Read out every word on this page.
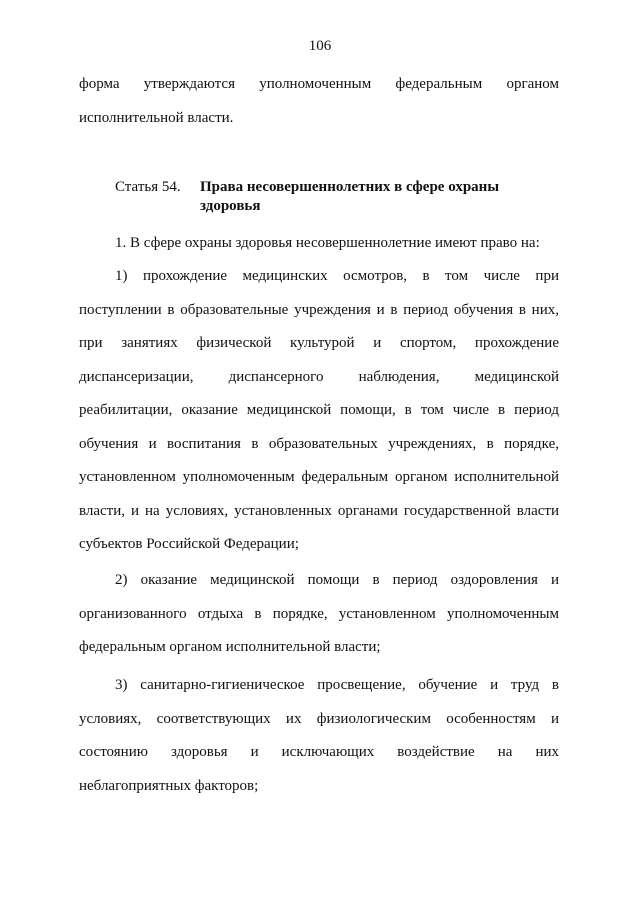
106

форма утверждаются уполномоченным федеральным органом исполнительной власти.

Статья 54. Права несовершеннолетних в сфере охраны здоровья

1. В сфере охраны здоровья несовершеннолетние имеют право на:

1) прохождение медицинских осмотров, в том числе при поступлении в образовательные учреждения и в период обучения в них, при занятиях физической культурой и спортом, прохождение диспансеризации, диспансерного наблюдения, медицинской реабилитации, оказание медицинской помощи, в том числе в период обучения и воспитания в образовательных учреждениях, в порядке, установленном уполномоченным федеральным органом исполнительной власти, и на условиях, установленных органами государственной власти субъектов Российской Федерации;

2) оказание медицинской помощи в период оздоровления и организованного отдыха в порядке, установленном уполномоченным федеральным органом исполнительной власти;

3) санитарно-гигиеническое просвещение, обучение и труд в условиях, соответствующих их физиологическим особенностям и состоянию здоровья и исключающих воздействие на них неблагоприятных факторов;
